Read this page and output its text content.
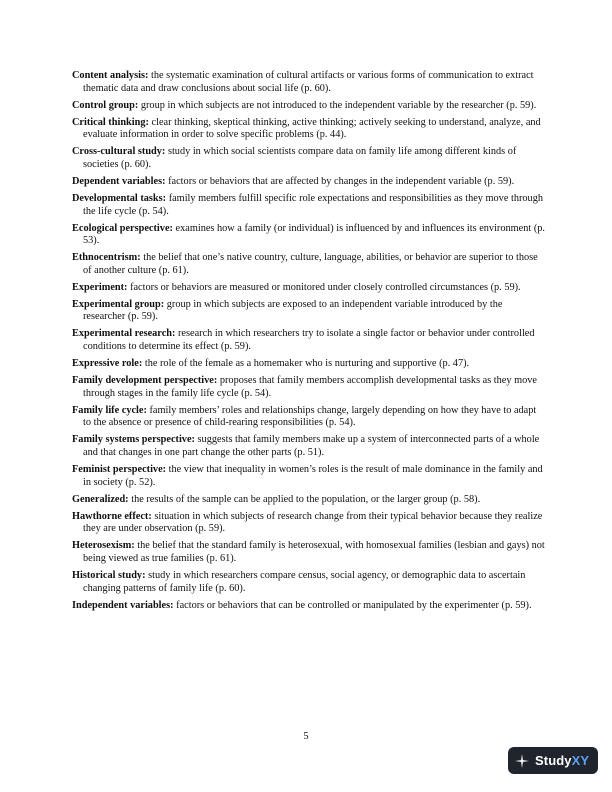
Content analysis: the systematic examination of cultural artifacts or various forms of communication to extract thematic data and draw conclusions about social life (p. 60).

Control group: group in which subjects are not introduced to the independent variable by the researcher (p. 59).

Critical thinking: clear thinking, skeptical thinking, active thinking; actively seeking to understand, analyze, and evaluate information in order to solve specific problems (p. 44).

Cross-cultural study: study in which social scientists compare data on family life among different kinds of societies (p. 60).

Dependent variables: factors or behaviors that are affected by changes in the independent variable (p. 59).

Developmental tasks: family members fulfill specific role expectations and responsibilities as they move through the life cycle (p. 54).

Ecological perspective: examines how a family (or individual) is influenced by and influences its environment (p. 53).

Ethnocentrism: the belief that one’s native country, culture, language, abilities, or behavior are superior to those of another culture (p. 61).

Experiment: factors or behaviors are measured or monitored under closely controlled circumstances (p. 59).

Experimental group: group in which subjects are exposed to an independent variable introduced by the researcher (p. 59).

Experimental research: research in which researchers try to isolate a single factor or behavior under controlled conditions to determine its effect (p. 59).

Expressive role: the role of the female as a homemaker who is nurturing and supportive (p. 47).

Family development perspective: proposes that family members accomplish developmental tasks as they move through stages in the family life cycle (p. 54).

Family life cycle: family members’ roles and relationships change, largely depending on how they have to adapt to the absence or presence of child-rearing responsibilities (p. 54).

Family systems perspective: suggests that family members make up a system of interconnected parts of a whole and that changes in one part change the other parts (p. 51).

Feminist perspective: the view that inequality in women’s roles is the result of male dominance in the family and in society (p. 52).

Generalized: the results of the sample can be applied to the population, or the larger group (p. 58).

Hawthorne effect: situation in which subjects of research change from their typical behavior because they realize they are under observation (p. 59).

Heterosexism: the belief that the standard family is heterosexual, with homosexual families (lesbian and gays) not being viewed as true families (p. 61).

Historical study: study in which researchers compare census, social agency, or demographic data to ascertain changing patterns of family life (p. 60).

Independent variables: factors or behaviors that can be controlled or manipulated by the experimenter (p. 59).

5
StudyXY
